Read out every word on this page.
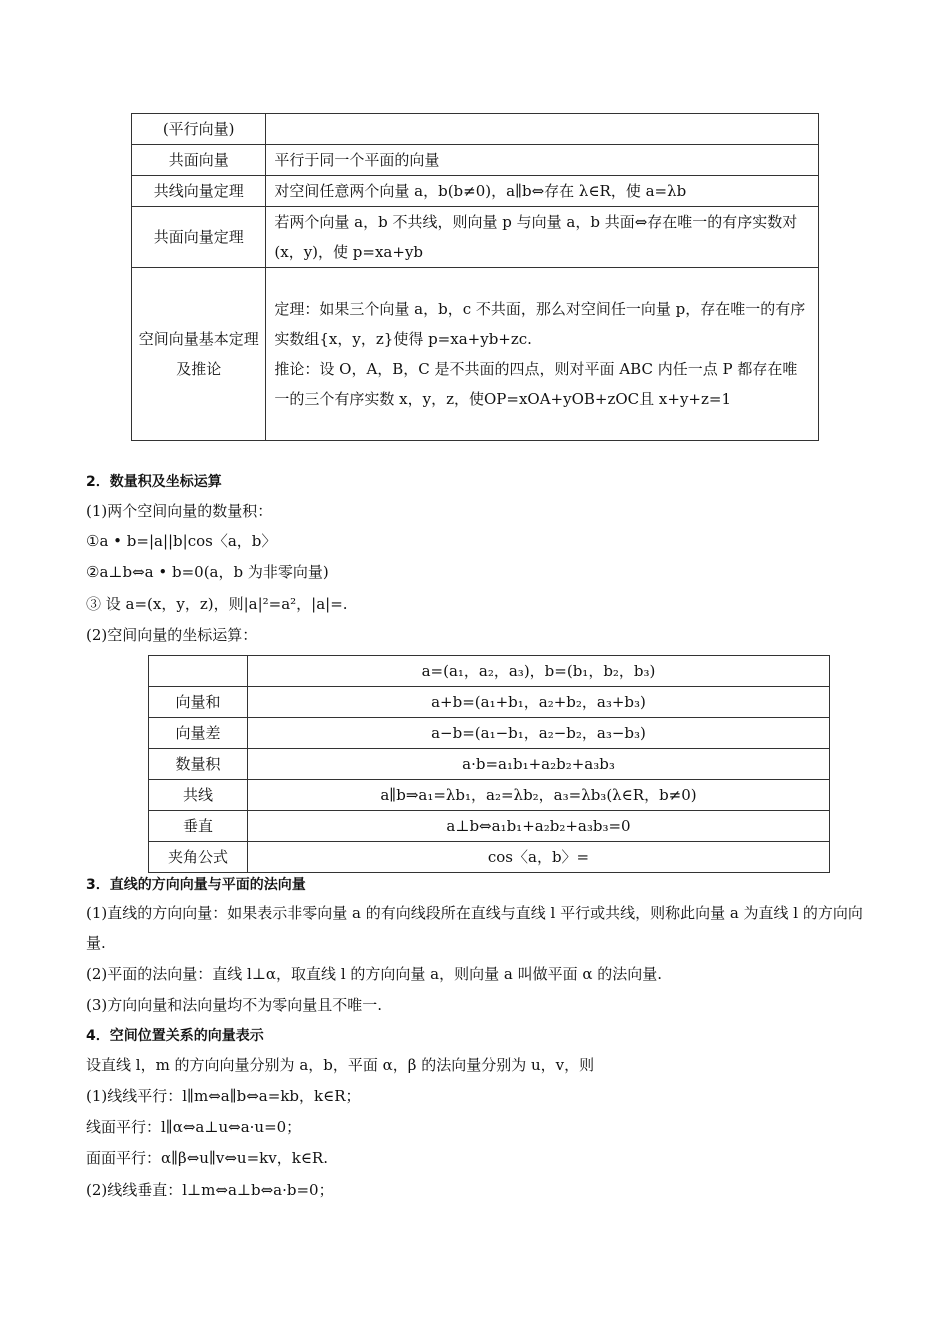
(平行向量)	
共面向量	平行于同一个平面的向量
共线向量定理	对空间任意两个向量 a，b(b≠0)，a∥b⇔存在 λ∈R，使 a=λb
共面向量定理	若两个向量 a，b 不共线，则向量 p 与向量 a，b 共面⇔存在唯一的有序实数对(x，y)，使 p=xa+yb
空间向量基本定理及推论	定理：如果三个向量 a，b，c 不共面，那么对空间任一向量 p，存在唯一的有序实数组{x，y，z}使得 p=xa+yb+zc.
推论：设 O，A，B，C 是不共面的四点，则对平面 ABC 内任一点 P 都存在唯一的三个有序实数 x，y，z，使OP=xOA+yOB+zOC且 x+y+z=1
2．数量积及坐标运算
(1)两个空间向量的数量积：
①a • b=|a||b|cos〈a，b〉
②a⊥b⇔a • b=0(a，b 为非零向量)
③ 设 a=(x，y，z)，则|a|²=a²，|a|=.
(2)空间向量的坐标运算：
	a=(a₁，a₂，a₃)，b=(b₁，b₂，b₃)
向量和	a+b=(a₁+b₁，a₂+b₂，a₃+b₃)
向量差	a−b=(a₁−b₁，a₂−b₂，a₃−b₃)
数量积	a·b=a₁b₁+a₂b₂+a₃b₃
共线	a∥b⇒a₁=λb₁，a₂=λb₂，a₃=λb₃(λ∈R，b≠0)
垂直	a⊥b⇔a₁b₁+a₂b₂+a₃b₃=0
夹角公式	cos〈a，b〉=
3．直线的方向向量与平面的法向量
(1)直线的方向向量：如果表示非零向量 a 的有向线段所在直线与直线 l 平行或共线，则称此向量 a 为直线 l 的方向向量.
(2)平面的法向量：直线 l⊥α，取直线 l 的方向向量 a，则向量 a 叫做平面 α 的法向量.
(3)方向向量和法向量均不为零向量且不唯一.
4．空间位置关系的向量表示
设直线 l，m 的方向向量分别为 a，b，平面 α，β 的法向量分别为 u，v，则
(1)线线平行：l∥m⇔a∥b⇔a=kb，k∈R；
线面平行：l∥α⇔a⊥u⇔a·u=0；
面面平行：α∥β⇔u∥v⇔u=kv，k∈R.
(2)线线垂直：l⊥m⇔a⊥b⇔a·b=0；
